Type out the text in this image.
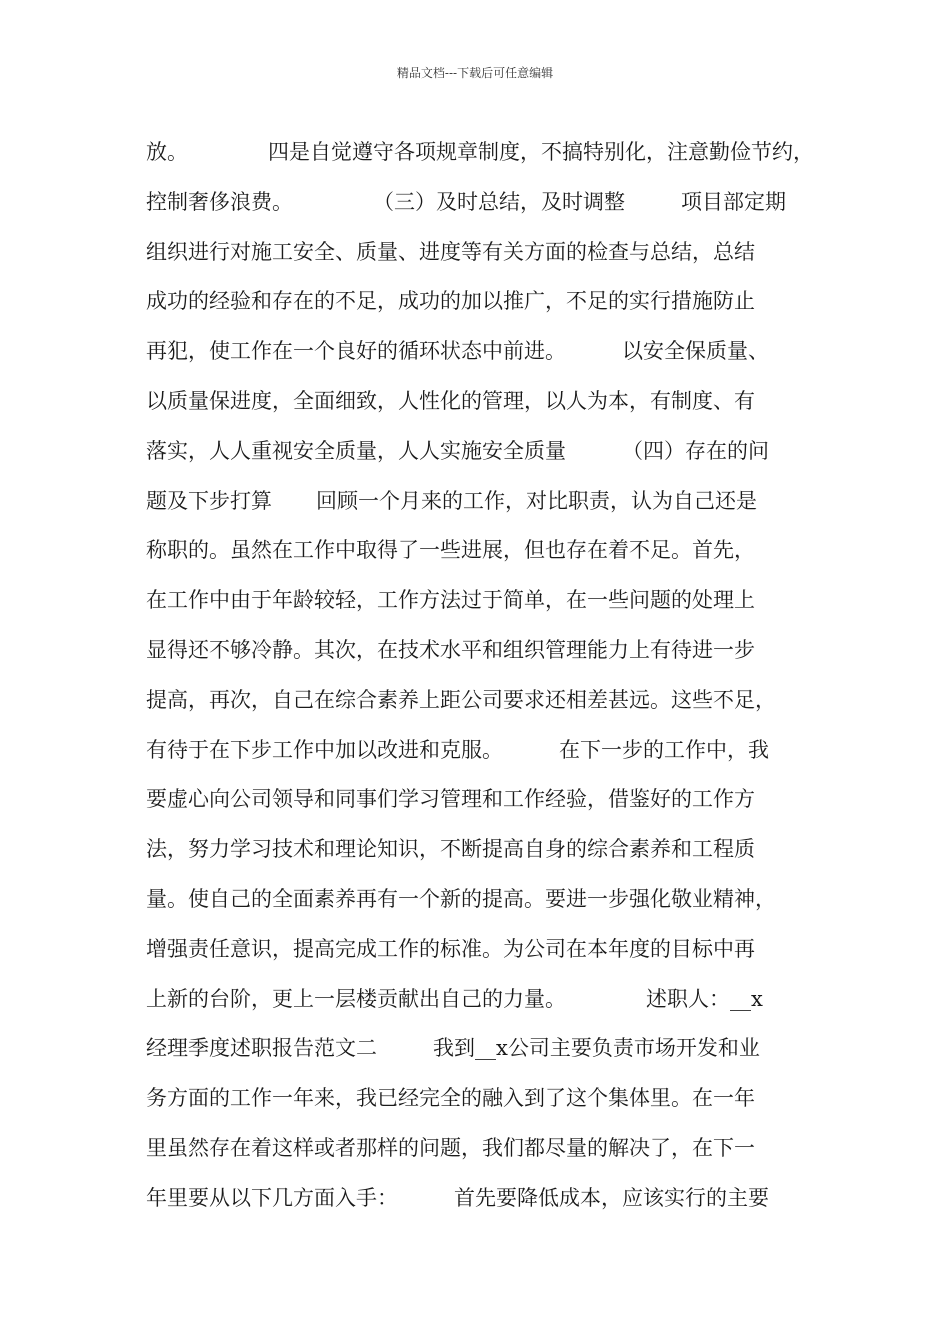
精品文档---下载后可任意编辑
放。	四是自觉遵守各项规章制度，不搞特别化，注意勤俭节约，
控制奢侈浪费。	（三）及时总结，及时调整	项目部定期
组织进行对施工安全、质量、进度等有关方面的检查与总结，总结
成功的经验和存在的不足，成功的加以推广，不足的实行措施防止
再犯，使工作在一个良好的循环状态中前进。	以安全保质量、
以质量保进度，全面细致，人性化的管理，以人为本，有制度、有
落实，人人重视安全质量，人人实施安全质量	（四）存在的问
题及下步打算 回顾一个月来的工作，对比职责，认为自己还是
称职的。虽然在工作中取得了一些进展，但也存在着不足。首先，
在工作中由于年龄较轻，工作方法过于简单，在一些问题的处理上
显得还不够冷静。其次，在技术水平和组织管理能力上有待进一步
提高，再次，自己在综合素养上距公司要求还相差甚远。这些不足，
有待于在下步工作中加以改进和克服。	在下一步的工作中，我
要虚心向公司领导和同事们学习管理和工作经验，借鉴好的工作方
法，努力学习技术和理论知识，不断提高自身的综合素养和工程质
量。使自己的全面素养再有一个新的提高。要进一步强化敬业精神，
增强责任意识，提高完成工作的标准。为公司在本年度的目标中再
上新的台阶，更上一层楼贡献出自己的力量。	述职人：__x
经理季度述职报告范文二	我到__x公司主要负责市场开发和业
务方面的工作一年来，我已经完全的融入到了这个集体里。在一年
里虽然存在着这样或者那样的问题，我们都尽量的解决了，在下一
年里要从以下几方面入手：	首先要降低成本，应该实行的主要
